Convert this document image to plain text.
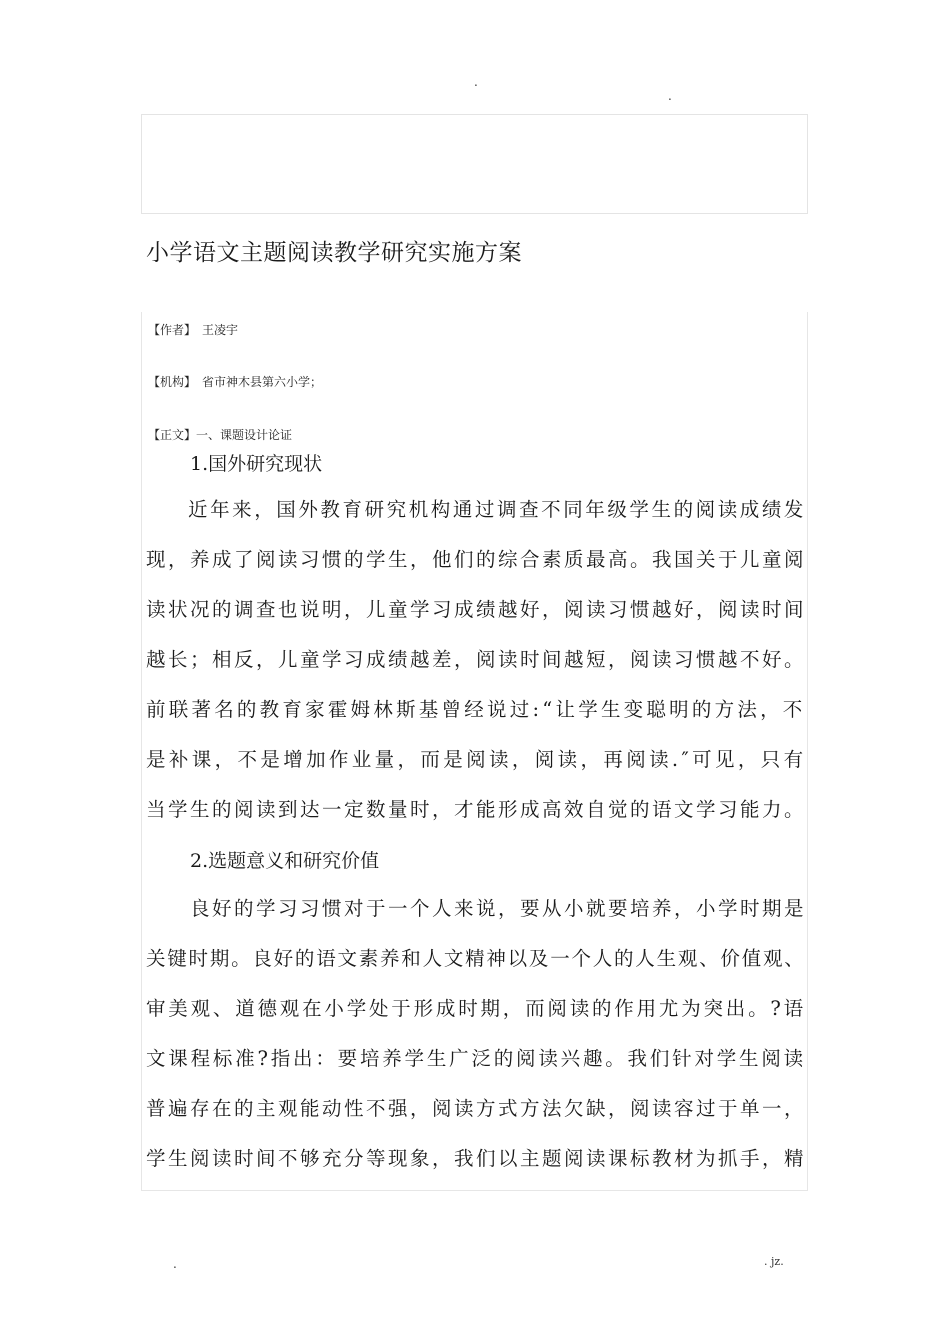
.
.
小学语文主题阅读教学研究实施方案
【作者】 王凌宇
【机构】 省市神木县第六小学；
【正文】一、课题设计论证
1.国外研究现状
近年来，国外教育研究机构通过调查不同年级学生的阅读成绩发
现，养成了阅读习惯的学生，他们的综合素质最高。我国关于儿童阅
读状况的调查也说明，儿童学习成绩越好，阅读习惯越好，阅读时间
越长；相反，儿童学习成绩越差，阅读时间越短，阅读习惯越不好。
前联著名的教育家霍姆林斯基曾经说过:“让学生变聪明的方法，不
是补课，不是增加作业量，而是阅读，阅读，再阅读.″可见，只有
当学生的阅读到达一定数量时，才能形成高效自觉的语文学习能力。
2.选题意义和研究价值
良好的学习习惯对于一个人来说，要从小就要培养，小学时期是
关键时期。良好的语文素养和人文精神以及一个人的人生观、价值观、
审美观、道德观在小学处于形成时期，而阅读的作用尤为突出。?语
文课程标准?指出：要培养学生广泛的阅读兴趣。我们针对学生阅读
普遍存在的主观能动性不强，阅读方式方法欠缺，阅读容过于单一，
学生阅读时间不够充分等现象，我们以主题阅读课标教材为抓手，精
.	. jz.
